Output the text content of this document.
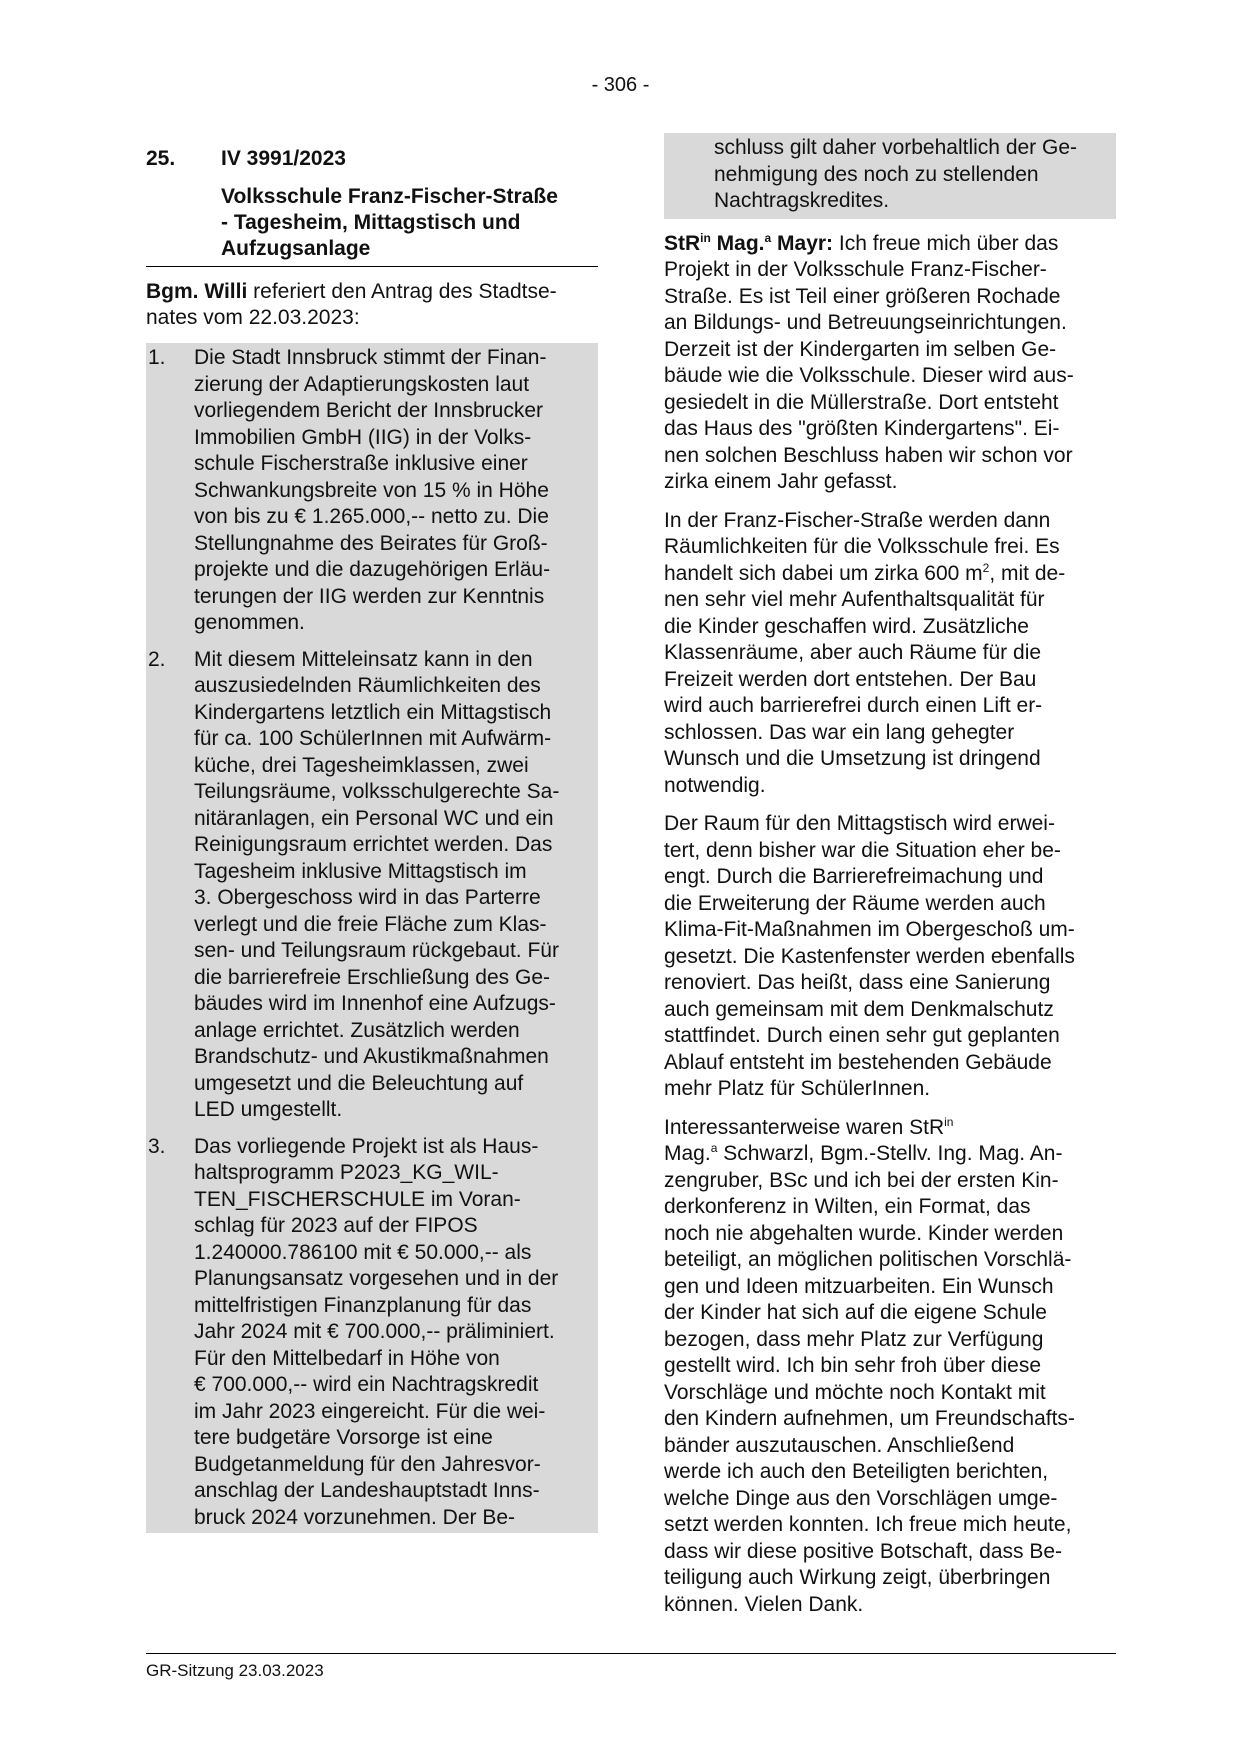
- 306 -
25.	IV 3991/2023
Volksschule Franz-Fischer-Straße
- Tagesheim, Mittagstisch und
Aufzugsanlage
Bgm. Willi referiert den Antrag des Stadtse-
nates vom 22.03.2023:
1.	Die Stadt Innsbruck stimmt der Finan-
zierung der Adaptierungskosten laut
vorliegendem Bericht der Innsbrucker
Immobilien GmbH (IIG) in der Volks-
schule Fischerstraße inklusive einer
Schwankungsbreite von 15 % in Höhe
von bis zu € 1.265.000,-- netto zu. Die
Stellungnahme des Beirates für Groß-
projekte und die dazugehörigen Erläu-
terungen der IIG werden zur Kenntnis
genommen.
2.	Mit diesem Mitteleinsatz kann in den
auszusiedelnden Räumlichkeiten des
Kindergartens letztlich ein Mittagstisch
für ca. 100 SchülerInnen mit Aufwärm-
küche, drei Tagesheimklassen, zwei
Teilungsräume, volksschulgerechte Sa-
nitäranlagen, ein Personal WC und ein
Reinigungsraum errichtet werden. Das
Tagesheim inklusive Mittagstisch im
3. Obergeschoss wird in das Parterre
verlegt und die freie Fläche zum Klas-
sen- und Teilungsraum rückgebaut. Für
die barrierefreie Erschließung des Ge-
bäudes wird im Innenhof eine Aufzugs-
anlage errichtet. Zusätzlich werden
Brandschutz- und Akustikmaßnahmen
umgesetzt und die Beleuchtung auf
LED umgestellt.
3.	Das vorliegende Projekt ist als Haus-
haltsprogramm P2023_KG_WIL-
TEN_FISCHERSCHULE im Voran-
schlag für 2023 auf der FIPOS
1.240000.786100 mit € 50.000,-- als
Planungsansatz vorgesehen und in der
mittelfristigen Finanzplanung für das
Jahr 2024 mit € 700.000,-- präliminiert.
Für den Mittelbedarf in Höhe von
€ 700.000,-- wird ein Nachtragskredit
im Jahr 2023 eingereicht. Für die wei-
tere budgetäre Vorsorge ist eine
Budgetanmeldung für den Jahresvor-
anschlag der Landeshauptstadt Inns-
bruck 2024 vorzunehmen. Der Be-
schluss gilt daher vorbehaltlich der Ge-
nehmigung des noch zu stellenden
Nachtragskredites.
StR$^{in}$ Mag.$^a$ Mayr: Ich freue mich über das
Projekt in der Volksschule Franz-Fischer-
Straße. Es ist Teil einer größeren Rochade
an Bildungs- und Betreuungseinrichtungen.
Derzeit ist der Kindergarten im selben Ge-
bäude wie die Volksschule. Dieser wird aus-
gesiedelt in die Müllerstraße. Dort entsteht
das Haus des "größten Kindergartens". Ei-
nen solchen Beschluss haben wir schon vor
zirka einem Jahr gefasst.
In der Franz-Fischer-Straße werden dann
Räumlichkeiten für die Volksschule frei. Es
handelt sich dabei um zirka 600 $m^2$, mit de-
nen sehr viel mehr Aufenthaltsqualität für
die Kinder geschaffen wird. Zusätzliche
Klassenräume, aber auch Räume für die
Freizeit werden dort entstehen. Der Bau
wird auch barrierefrei durch einen Lift er-
schlossen. Das war ein lang gehegter
Wunsch und die Umsetzung ist dringend
notwendig.
Der Raum für den Mittagstisch wird erwei-
tert, denn bisher war die Situation eher be-
engt. Durch die Barrierefreimachung und
die Erweiterung der Räume werden auch
Klima-Fit-Maßnahmen im Obergeschoß um-
gesetzt. Die Kastenfenster werden ebenfalls
renoviert. Das heißt, dass eine Sanierung
auch gemeinsam mit dem Denkmalschutz
stattfindet. Durch einen sehr gut geplanten
Ablauf entsteht im bestehenden Gebäude
mehr Platz für SchülerInnen.
Interessanterweise waren StR$^{in}$
Mag.$^a$ Schwarzl, Bgm.-Stellv. Ing. Mag. An-
zengruber, BSc und ich bei der ersten Kin-
derkonferenz in Wilten, ein Format, das
noch nie abgehalten wurde. Kinder werden
beteiligt, an möglichen politischen Vorschlä-
gen und Ideen mitzuarbeiten. Ein Wunsch
der Kinder hat sich auf die eigene Schule
bezogen, dass mehr Platz zur Verfügung
gestellt wird. Ich bin sehr froh über diese
Vorschläge und möchte noch Kontakt mit
den Kindern aufnehmen, um Freundschafts-
bänder auszutauschen. Anschließend
werde ich auch den Beteiligten berichten,
welche Dinge aus den Vorschlägen umge-
setzt werden konnten. Ich freue mich heute,
dass wir diese positive Botschaft, dass Be-
teiligung auch Wirkung zeigt, überbringen
können. Vielen Dank.
GR-Sitzung 23.03.2023
